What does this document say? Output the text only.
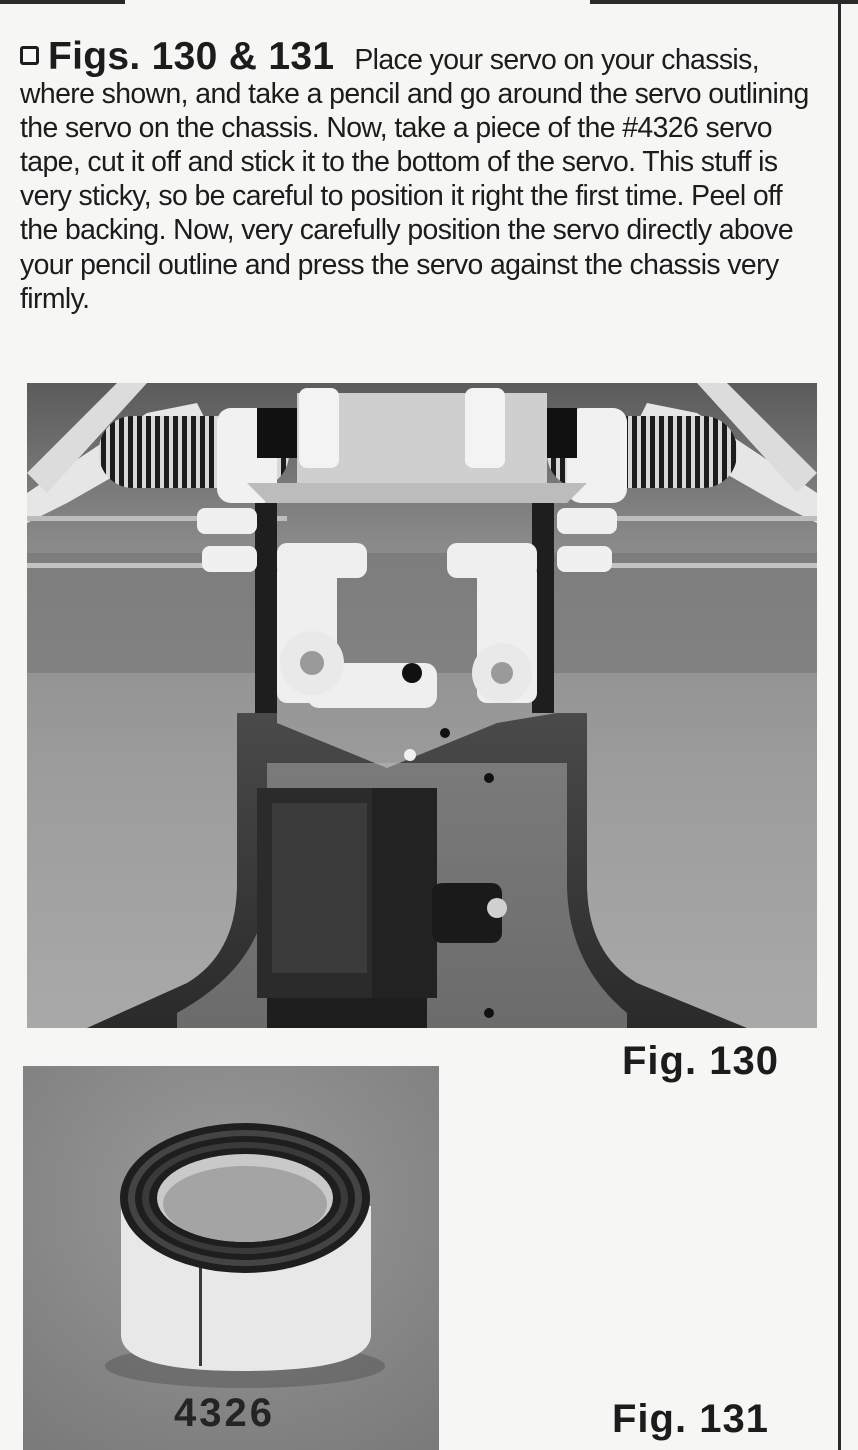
Figs. 130 & 131 Place your servo on your chassis, where shown, and take a pencil and go around the servo outlining the servo on the chassis. Now, take a piece of the #4326 servo tape, cut it off and stick it to the bottom of the servo. This stuff is very sticky, so be careful to position it right the first time. Peel off the backing. Now, very carefully position the servo directly above your pencil outline and press the servo against the chassis very firmly.

Fig. 130
4326	Fig. 131
